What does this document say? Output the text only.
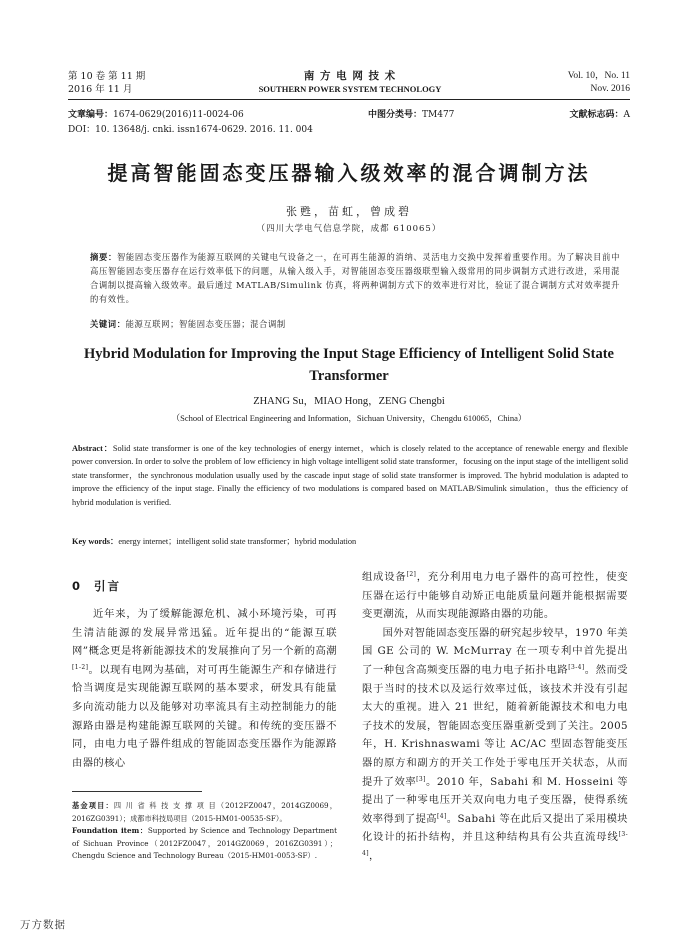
第 10 卷 第 11 期
2016 年 11 月
南 方 电 网 技 术
SOUTHERN POWER SYSTEM TECHNOLOGY
Vol. 10，No. 11
Nov. 2016
文章编号：1674-0629(2016)11-0024-06	中图分类号：TM477	文献标志码：A
DOI：10. 13648/j. cnki. issn1674-0629. 2016. 11. 004
提高智能固态变压器输入级效率的混合调制方法
张甦，苗虹，曾成碧
（四川大学电气信息学院，成都 610065）
摘要：智能固态变压器作为能源互联网的关键电气设备之一，在可再生能源的消纳、灵活电力交换中发挥着重要作用。为了解决目前中高压智能固态变压器存在运行效率低下的问题，从输入级入手，对智能固态变压器级联型输入级常用的同步调制方式进行改进，采用混合调制以提高输入级效率。最后通过 MATLAB/Simulink 仿真，将两种调制方式下的效率进行对比，验证了混合调制方式对效率提升的有效性。
关键词：能源互联网；智能固态变压器；混合调制
Hybrid Modulation for Improving the Input Stage Efficiency of Intelligent Solid State Transformer
ZHANG Su，MIAO Hong，ZENG Chengbi
（School of Electrical Engineering and Information，Sichuan University，Chengdu 610065，China）
Abstract：Solid state transformer is one of the key technologies of energy internet，which is closely related to the acceptance of renewable energy and flexible power conversion. In order to solve the problem of low efficiency in high voltage intelligent solid state transformer，focusing on the input stage of the intelligent solid state transformer，the synchronous modulation usually used by the cascade input stage of solid state transformer is improved. The hybrid modulation is adapted to improve the efficiency of the input stage. Finally the efficiency of two modulations is compared based on MATLAB/Simulink simulation，thus the efficiency of hybrid modulation is verified.
Key words：energy internet；intelligent solid state transformer；hybrid modulation
0 引言

近年来，为了缓解能源危机、减小环境污染，可再生清洁能源的发展异常迅猛。近年提出的“能源互联网”概念更是将新能源技术的发展推向了另一个新的高潮[1-2]。以现有电网为基础，对可再生能源生产和存储进行恰当调度是实现能源互联网的基本要求，研发具有能量多向流动能力以及能够对功率流具有主动控制能力的能源路由器是构建能源互联网的关键。和传统的变压器不同，由电力电子器件组成的智能固态变压器作为能源路由器的核心

基金项目：四 川 省 科 技 支 撑 项 目（2012FZ0047，2014GZ0069，2016ZG0391）；成都市科技局项目（2015-HM01-00535-SF）。

Foundation item：Supported by Science and Technology Department of Sichuan Province（2012FZ0047，2014GZ0069，2016ZG0391）；Chengdu Science and Technology Bureau（2015-HM01-0053-SF）.

组成设备[2]，充分利用电力电子器件的高可控性，使变压器在运行中能够自动矫正电能质量问题并能根据需要变更潮流，从而实现能源路由器的功能。

国外对智能固态变压器的研究起步较早，1970 年美国 GE 公司的 W. McMurray 在一项专利中首先提出了一种包含高频变压器的电力电子拓扑电路[3-4]。然而受限于当时的技术以及运行效率过低，该技术并没有引起太大的重视。进入 21 世纪，随着新能源技术和电力电子技术的发展，智能固态变压器重新受到了关注。2005 年，H. Krishnaswami 等让 AC/AC 型固态智能变压器的原方和副方的开关工作处于零电压开关状态，从而提升了效率[3]。2010 年，Sabahi 和 M. Hosseini 等提出了一种零电压开关双向电力电子变压器，使得系统效率得到了提高[4]。Sabahi 等在此后又提出了采用模块化设计的拓扑结构，并且这种结构具有公共直流母线[3-4]，

万方数据
